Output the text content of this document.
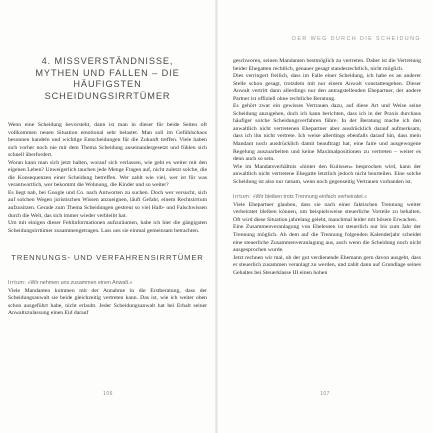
4. MISSVERSTÄNDNISSE,
MYTHEN UND FALLEN – DIE HÄUFIGSTEN
SCHEIDUNGSIRRTÜMER

Wenn eine Scheidung bevorsteht, dann ist man in dieser für beide Seiten oft vollkommen neuen Situation emotional sehr belastet. Man soll im Gefühlschaos besonnen handeln und wichtige Entscheidungen für die Zukunft treffen. Viele haben sich vorher noch nie mit dem Thema Scheidung auseinandergesetzt und fühlen sich schnell überfordert.

Woran kann man sich jetzt halten, worauf sich verlassen, wie geht es weiter mit den eigenen Leben? Unweigerlich tauchen jede Menge Fragen auf, nicht zuletzt solche, die die Konsequenzen einer Scheidung betreffen. Wer zahlt wie viel, wer ist für was verantwortlich, wer bekommt die Wohnung, die Kinder und so weiter?

Es liegt nah, bei Google und Co. nach Antworten zu suchen. Doch wer versucht, sich auf solchen Wegen juristischen Wissen anzueignen, läuft Gefahr, einem Rechtsirrtum aufzusitzen. Gerade zum Thema Scheidungen gestreut so viel Halb- und Falschwissen durch die Welt, das sich immer wieder verbleibt hat.

Um mit einigen dieser Fehlinformationen aufzuräumen, habe ich hier die gängigsten Scheidungsirrtümer zusammengetragen. Lass uns sie einmal gemeinsam betrachten.

TRENNUNGS- UND VERFAHRENSIRRTÜMER
Irrtum: »Wir nehmen uns zusammen einen Anwalt.«

Viele Mandanten kommen mit der Annahme in die Erstberatung, dass der Scheidungsanwalt sie beide gleichzeitig vertreten kann. Das ist, wie ich weiter oben schon ausgeführt habe, nicht erlaubt. Jeder Scheidungsanwalt hat bei Erhalt seiner Anwaltszulassung einen Eid darauf

106
DER WEG DURCH DIE SCHEIDUNG

geschworen, seinen Mandanten bestmöglich zu vertreten. Daher ist die Vertretung beider Ehegatten rechtlich, genauer gesagt standesrechtlich, nicht möglich.

Dies verringert freilich, dass im Falle einer Scheidung, ich habe es an anderer Stelle schon gesagt, trotzdem mit nur einem Anwalt vonstattengehen. Dieser Anwalt vertritt dann allerdings nur den antragstellenden Ehepartner, der andere Partner ist offiziell ohne rechtliche Beratung.

Es gehört zwar ein gewisses Vertrauen dazu, auf diese Art und Weise seine Scheidung anzugehen, doch ich kann berichten, dass ich in der Praxis durchaus häufiger solche Scheidungsverfahren führe. In der Beratung mache ich den anwaltlich nicht vertretenen Ehepartner aber ausdrücklich darauf aufmerksam, dass ich ihn nicht vertrete. Ich weise allerdings ebenfalls darauf hin, dass mein Mandant noch ausdrücklich damit beauftragt hat, eine faire und ausgewogene Regelung auszuarbeiten und keine Maximalpositionen zu vertreten – weiter es denn auch so sein.

Wie im Mandatsverhältnis »hinter den Kulissen« besprochen wird, kann der anwaltlich nicht vertretene Ehegatte letztlich jedoch nicht beurteilen. Eine solche Scheidung ist also nur ratsam, wenn noch gegenseitig Vertrauen vorhanden ist.

Irrtum: »Wir bleiben trotz Trennung einfach verheiratet.«

Viele Ehepartner glauben, dass sie nach einer faktischen Trennung weiter verheiratet bleiben können, um beispielsweise steuerliche Vorteile zu behalten. Oft wird diese Situation jahrelang gelebt, manchmal leider mit bösem Erwachen.

Eine Zusammenveranlagung von Eheleuten ist steuerlich nur bis zum Jahr der Trennung möglich. Ab dem auf die Trennung folgenden Kalenderjahr scheidet eine steuerliche Zusammenveranlagung aus, auch wenn die Scheidung noch nicht ausgesprochen wurde.

Jetzt rechnen wir mal, ob der gut verdienende Ehemann gern davon ausgeht, dass er steuerlich zusammen veranlagt zu werden, und zahlt dann auf Grundlage seines Gehaltes bei Steuerklasse III einen hohen

107
